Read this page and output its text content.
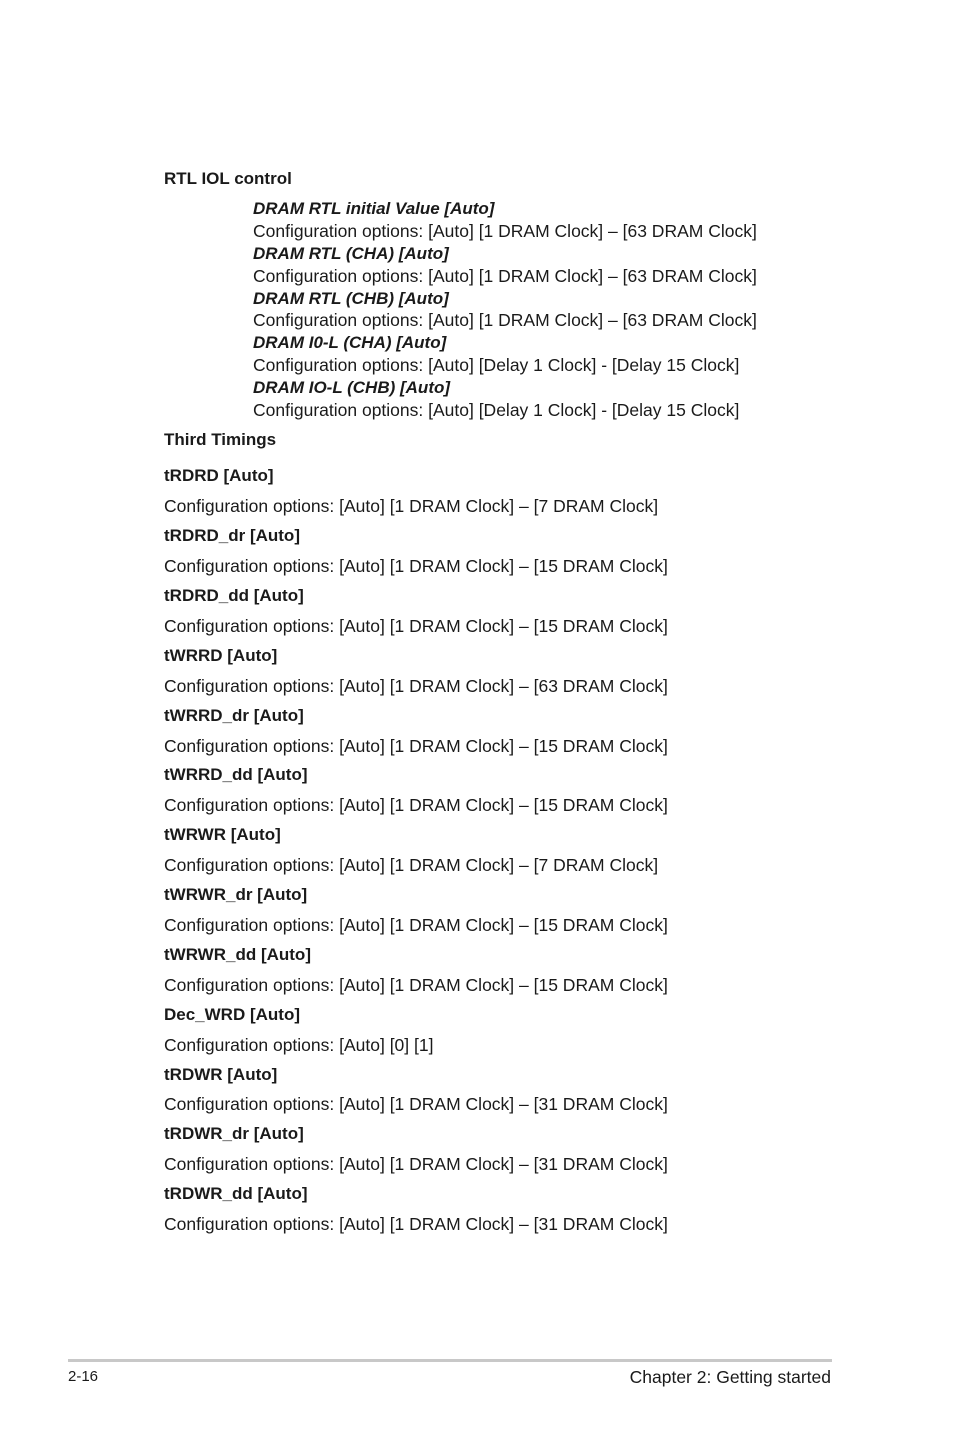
RTL IOL control
DRAM RTL initial Value [Auto]
Configuration options: [Auto] [1 DRAM Clock] – [63 DRAM Clock]
DRAM RTL (CHA) [Auto]
Configuration options: [Auto] [1 DRAM Clock] – [63 DRAM Clock]
DRAM RTL (CHB) [Auto]
Configuration options: [Auto] [1 DRAM Clock] – [63 DRAM Clock]
DRAM I0-L (CHA) [Auto]
Configuration options: [Auto] [Delay 1 Clock] - [Delay 15 Clock]
DRAM IO-L (CHB) [Auto]
Configuration options: [Auto] [Delay 1 Clock] - [Delay 15 Clock]
Third Timings
tRDRD [Auto]
Configuration options: [Auto] [1 DRAM Clock] – [7 DRAM Clock]
tRDRD_dr [Auto]
Configuration options: [Auto] [1 DRAM Clock] – [15 DRAM Clock]
tRDRD_dd [Auto]
Configuration options: [Auto] [1 DRAM Clock] – [15 DRAM Clock]
tWRRD [Auto]
Configuration options: [Auto] [1 DRAM Clock] – [63 DRAM Clock]
tWRRD_dr [Auto]
Configuration options: [Auto] [1 DRAM Clock] – [15 DRAM Clock]
tWRRD_dd [Auto]
Configuration options: [Auto] [1 DRAM Clock] – [15 DRAM Clock]
tWRWR [Auto]
Configuration options: [Auto] [1 DRAM Clock] – [7 DRAM Clock]
tWRWR_dr [Auto]
Configuration options: [Auto] [1 DRAM Clock] – [15 DRAM Clock]
tWRWR_dd [Auto]
Configuration options: [Auto] [1 DRAM Clock] – [15 DRAM Clock]
Dec_WRD [Auto]
Configuration options: [Auto] [0] [1]
tRDWR [Auto]
Configuration options: [Auto] [1 DRAM Clock] – [31 DRAM Clock]
tRDWR_dr [Auto]
Configuration options: [Auto] [1 DRAM Clock] – [31 DRAM Clock]
tRDWR_dd [Auto]
Configuration options: [Auto] [1 DRAM Clock] – [31 DRAM Clock]
2-16	Chapter 2: Getting started
